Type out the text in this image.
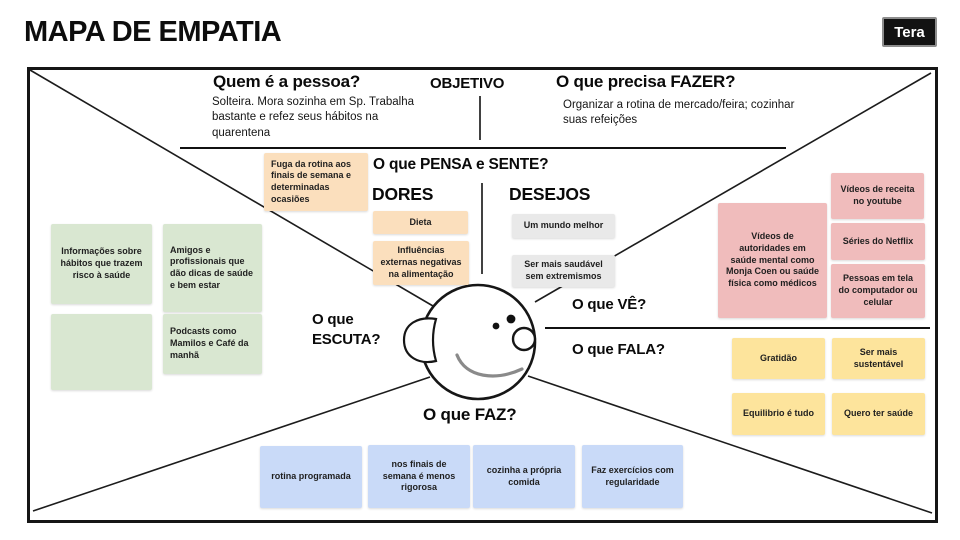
MAPA DE EMPATIA	Tera
Quem é a pessoa?
Solteira. Mora sozinha em Sp. Trabalha bastante e refez seus hábitos na quarentena
OBJETIVO	O que precisa FAZER?
Organizar a rotina de mercado/feira; cozinhar suas refeições
O que PENSA e SENTE?
DORES	DESEJOS
O que ESCUTA?
O que VÊ?
O que FALA?
O que FAZ?
Informações sobre hábitos que trazem risco à saúde
Amigos e profissionais que dão dicas de saúde e bem estar
Podcasts como Mamilos e Café da manhã
Fuga da rotina aos finais de semana e determinadas ocasiões
Dieta
Influências externas negativas na alimentação
Um mundo melhor
Ser mais saudável sem extremismos
Vídeos de autoridades em saúde mental como Monja Coen ou saúde física como médicos
Vídeos de receita no youtube
Séries do Netflix
Pessoas em tela do computador ou celular
Gratidão
Ser mais sustentável
Equilibrio é tudo	Quero ter saúde
rotina programada
nos finais de semana é menos rigorosa
cozinha a própria comida
Faz exercícios com regularidade
